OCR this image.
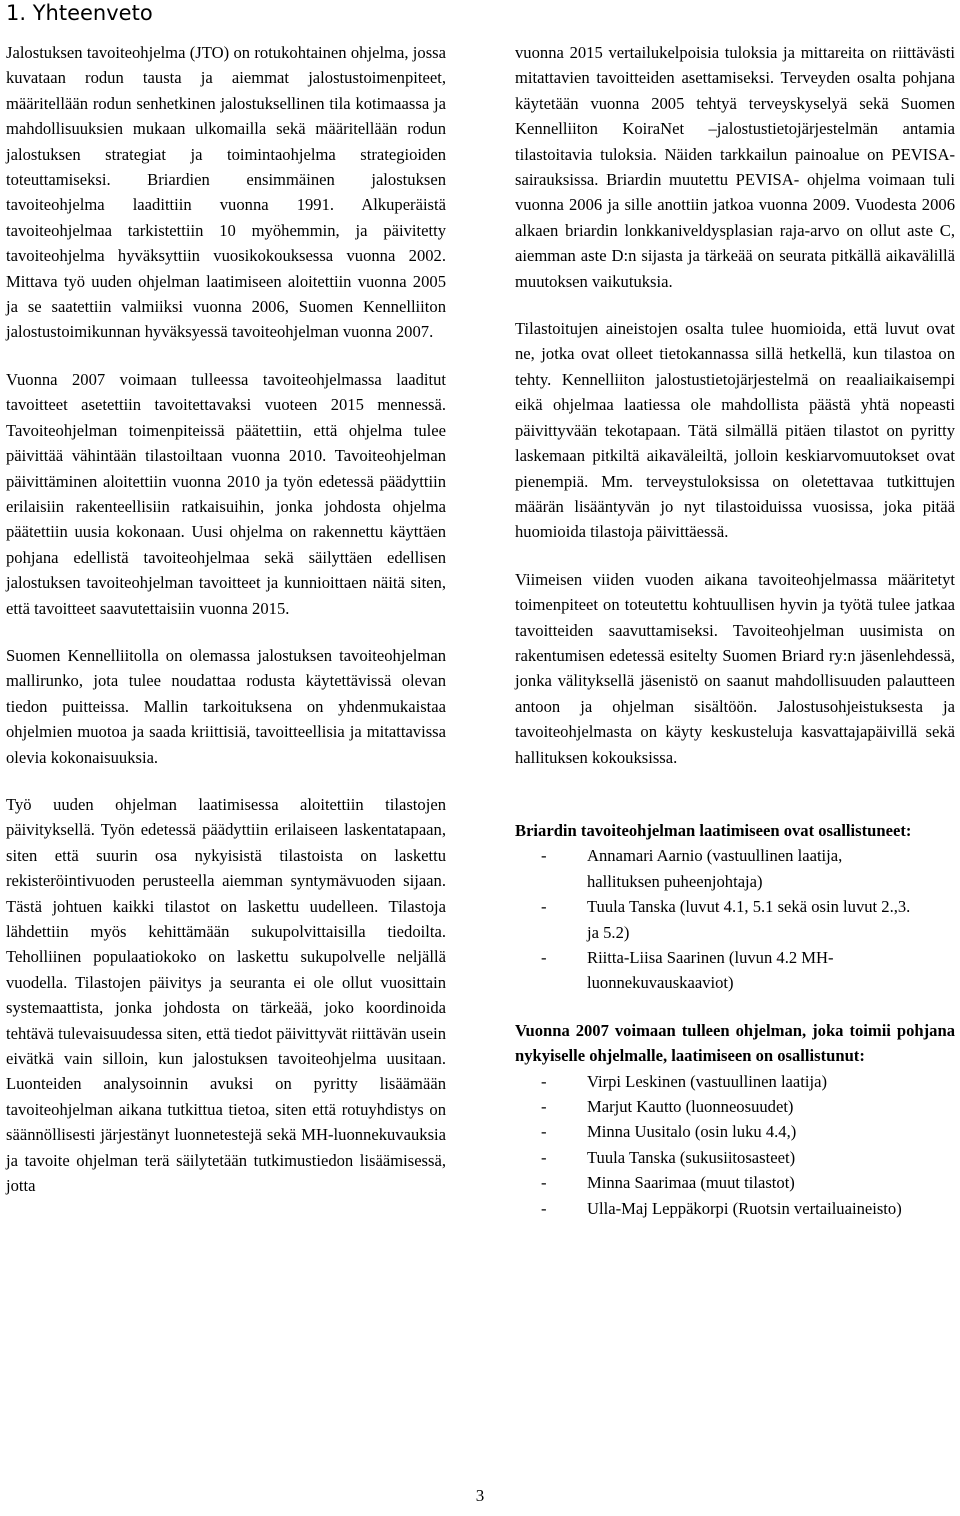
1. Yhteenveto

Jalostuksen tavoiteohjelma (JTO) on rotukohtainen ohjelma, jossa kuvataan rodun tausta ja aiemmat jalostustoimenpiteet, määritellään rodun senhetkinen jalostuksellinen tila kotimaassa ja mahdollisuuksien mukaan ulkomailla sekä määritellään rodun jalostuksen strategiat ja toimintaohjelma strategioiden toteuttamiseksi. Briardien ensimmäinen jalostuksen tavoiteohjelma laadittiin vuonna 1991. Alkuperäistä tavoiteohjelmaa tarkistettiin 10 myöhemmin, ja päivitetty tavoiteohjelma hyväksyttiin vuosikokouksessa vuonna 2002. Mittava työ uuden ohjelman laatimiseen aloitettiin vuonna 2005 ja se saatettiin valmiiksi vuonna 2006, Suomen Kennelliiton jalostustoimikunnan hyväksyessä tavoiteohjelman vuonna 2007.

Vuonna 2007 voimaan tulleessa tavoiteohjelmassa laaditut tavoitteet asetettiin tavoitettavaksi vuoteen 2015 mennessä. Tavoiteohjelman toimenpiteissä päätettiin, että ohjelma tulee päivittää vähintään tilastoiltaan vuonna 2010. Tavoiteohjelman päivittäminen aloitettiin vuonna 2010 ja työn edetessä päädyttiin erilaisiin rakenteellisiin ratkaisuihin, jonka johdosta ohjelma päätettiin uusia kokonaan. Uusi ohjelma on rakennettu käyttäen pohjana edellistä tavoiteohjelmaa sekä säilyttäen edellisen jalostuksen tavoiteohjelman tavoitteet ja kunnioittaen näitä siten, että tavoitteet saavutettaisiin vuonna 2015.

Suomen Kennelliitolla on olemassa jalostuksen tavoiteohjelman mallirunko, jota tulee noudattaa rodusta käytettävissä olevan tiedon puitteissa. Mallin tarkoituksena on yhdenmukaistaa ohjelmien muotoa ja saada kriittisiä, tavoitteellisia ja mitattavissa olevia kokonaisuuksia.

Työ uuden ohjelman laatimisessa aloitettiin tilastojen päivityksellä. Työn edetessä päädyttiin erilaiseen laskentatapaan, siten että suurin osa nykyisistä tilastoista on laskettu rekisteröintivuoden perusteella aiemman syntymävuoden sijaan. Tästä johtuen kaikki tilastot on laskettu uudelleen. Tilastoja lähdettiin myös kehittämään sukupolvittaisilla tiedoilta. Teholliinen populaatiokoko on laskettu sukupolvelle neljällä vuodella. Tilastojen päivitys ja seuranta ei ole ollut vuosittain systemaattista, jonka johdosta on tärkeää, joko koordinoida tehtävä tulevaisuudessa siten, että tiedot päivittyvät riittävän usein eivätkä vain silloin, kun jalostuksen tavoiteohjelma uusitaan. Luonteiden analysoinnin avuksi on pyritty lisäämään tavoiteohjelman aikana tutkittua tietoa, siten että rotuyhdistys on säännöllisesti järjestänyt luonnetestejä sekä MH-luonnekuvauksia ja tavoite ohjelman terä säilytetään tutkimustiedon lisäämisessä, jotta

vuonna 2015 vertailukelpoisia tuloksia ja mittareita on riittävästi mitattavien tavoitteiden asettamiseksi. Terveyden osalta pohjana käytetään vuonna 2005 tehtyä terveyskyselyä sekä Suomen Kennelliiton KoiraNet –jalostustietojärjestelmän antamia tilastoitavia tuloksia. Näiden tarkkailun painoalue on PEVISA-sairauksissa. Briardin muutettu PEVISA- ohjelma voimaan tuli vuonna 2006 ja sille anottiin jatkoa vuonna 2009. Vuodesta 2006 alkaen briardin lonkkaniveldysplasian raja-arvo on ollut aste C, aiemman aste D:n sijasta ja tärkeää on seurata pitkällä aikavälillä muutoksen vaikutuksia.

Tilastoitujen aineistojen osalta tulee huomioida, että luvut ovat ne, jotka ovat olleet tietokannassa sillä hetkellä, kun tilastoa on tehty. Kennelliiton jalostustietojärjestelmä on reaaliaikaisempi eikä ohjelmaa laatiessa ole mahdollista päästä yhtä nopeasti päivittyvään tekotapaan. Tätä silmällä pitäen tilastot on pyritty laskemaan pitkiltä aikaväleiltä, jolloin keskiarvomuutokset ovat pienempiä. Mm. terveystuloksissa on oletettavaa tutkittujen määrän lisääntyvän jo nyt tilastoiduissa vuosissa, joka pitää huomioida tilastoja päivittäessä.

Viimeisen viiden vuoden aikana tavoiteohjelmassa määritetyt toimenpiteet on toteutettu kohtuullisen hyvin ja työtä tulee jatkaa tavoitteiden saavuttamiseksi. Tavoiteohjelman uusimista on rakentumisen edetessä esitelty Suomen Briard ry:n jäsenlehdessä, jonka välityksellä jäsenistö on saanut mahdollisuuden palautteen antoon ja ohjelman sisältöön. Jalostusohjeistuksesta ja tavoiteohjelmasta on käyty keskusteluja kasvattajapäivillä sekä hallituksen kokouksissa.

Briardin tavoiteohjelman laatimiseen ovat osallistuneet:

- Annamari Aarnio (vastuullinen laatija, hallituksen puheenjohtaja)
- Tuula Tanska (luvut 4.1, 5.1 sekä osin luvut 2.,3. ja 5.2)
- Riitta-Liisa Saarinen (luvun 4.2 MH-luonnekuvauskaaviot)

Vuonna 2007 voimaan tulleen ohjelman, joka toimii pohjana nykyiselle ohjelmalle, laatimiseen on osallistunut:

- Virpi Leskinen (vastuullinen laatija)
- Marjut Kautto (luonneosuudet)
- Minna Uusitalo (osin luku 4.4,)
- Tuula Tanska (sukusiitosasteet)
- Minna Saarimaa (muut tilastot)
- Ulla-Maj Leppäkorpi (Ruotsin vertailuaineisto)
3
